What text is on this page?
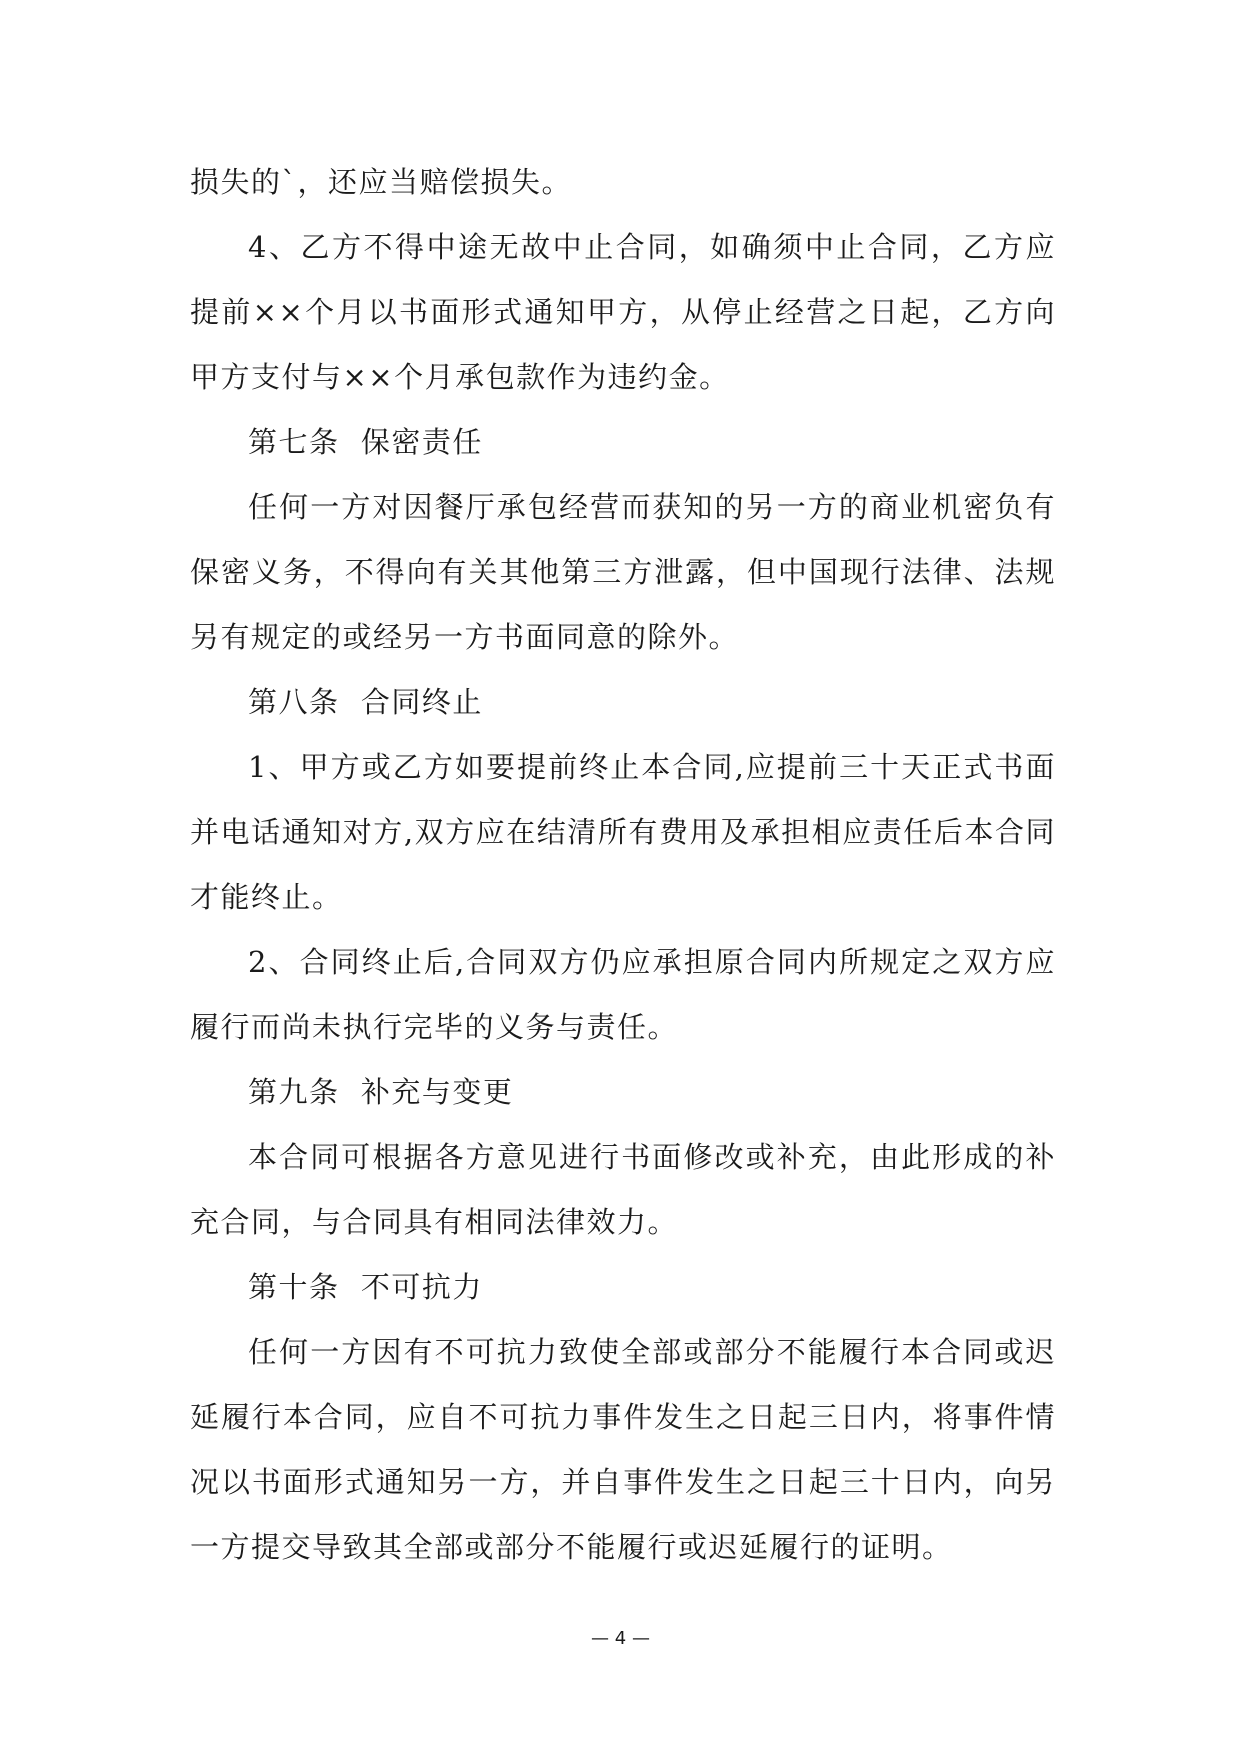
损失的`，还应当赔偿损失。

4、乙方不得中途无故中止合同，如确须中止合同，乙方应提前××个月以书面形式通知甲方，从停止经营之日起，乙方向甲方支付与××个月承包款作为违约金。

第七条  保密责任

任何一方对因餐厅承包经营而获知的另一方的商业机密负有保密义务，不得向有关其他第三方泄露，但中国现行法律、法规另有规定的或经另一方书面同意的除外。

第八条  合同终止

1、甲方或乙方如要提前终止本合同,应提前三十天正式书面并电话通知对方,双方应在结清所有费用及承担相应责任后本合同才能终止。

2、合同终止后,合同双方仍应承担原合同内所规定之双方应履行而尚未执行完毕的义务与责任。

第九条  补充与变更

本合同可根据各方意见进行书面修改或补充，由此形成的补充合同，与合同具有相同法律效力。

第十条  不可抗力

任何一方因有不可抗力致使全部或部分不能履行本合同或迟延履行本合同，应自不可抗力事件发生之日起三日内，将事件情况以书面形式通知另一方，并自事件发生之日起三十日内，向另一方提交导致其全部或部分不能履行或迟延履行的证明。

— 4 —
